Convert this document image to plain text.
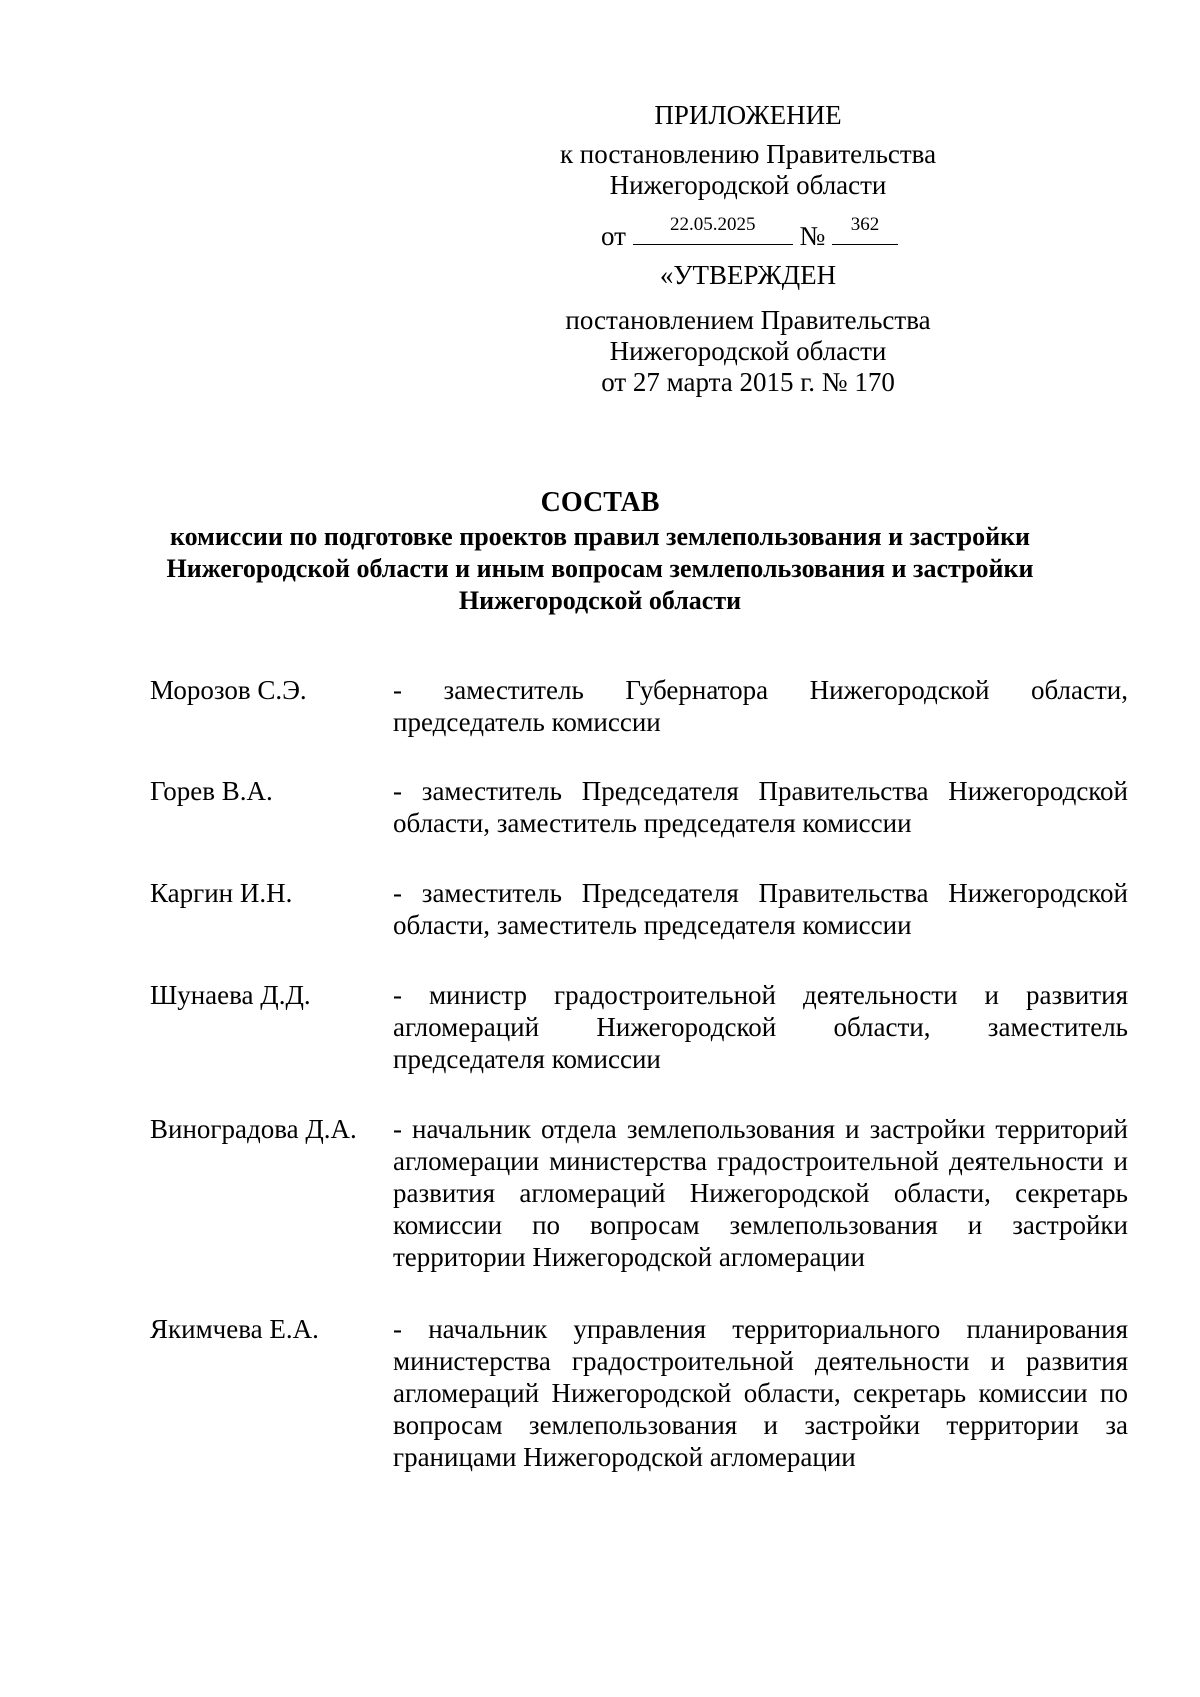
ПРИЛОЖЕНИЕ
к постановлению Правительства
Нижегородской области
от	22.05.2025	№	362
«УТВЕРЖДЕН
постановлением Правительства
Нижегородской области
от 27 марта 2015 г. № 170
СОСТАВ
комиссии по подготовке проектов правил землепользования и застройки
Нижегородской области и иным вопросам землепользования и застройки
Нижегородской области
Морозов С.Э.	- заместитель Губернатора Нижегородской области, председатель комиссии
Горев В.А.	- заместитель Председателя Правительства Нижегородской области, заместитель председателя комиссии
Каргин И.Н.	- заместитель Председателя Правительства Нижегородской области, заместитель председателя комиссии
Шунаева Д.Д.	- министр градостроительной деятельности и развития агломераций Нижегородской области, заместитель председателя комиссии
Виноградова Д.А.	- начальник отдела землепользования и застройки территорий агломерации министерства градостроительной деятельности и развития агломераций Нижегородской области, секретарь комиссии по вопросам землепользования и застройки территории Нижегородской агломерации
Якимчева Е.А.	- начальник управления территориального планирования министерства градостроительной деятельности и развития агломераций Нижегородской области, секретарь комиссии по вопросам землепользования и застройки территории за границами Нижегородской агломерации
